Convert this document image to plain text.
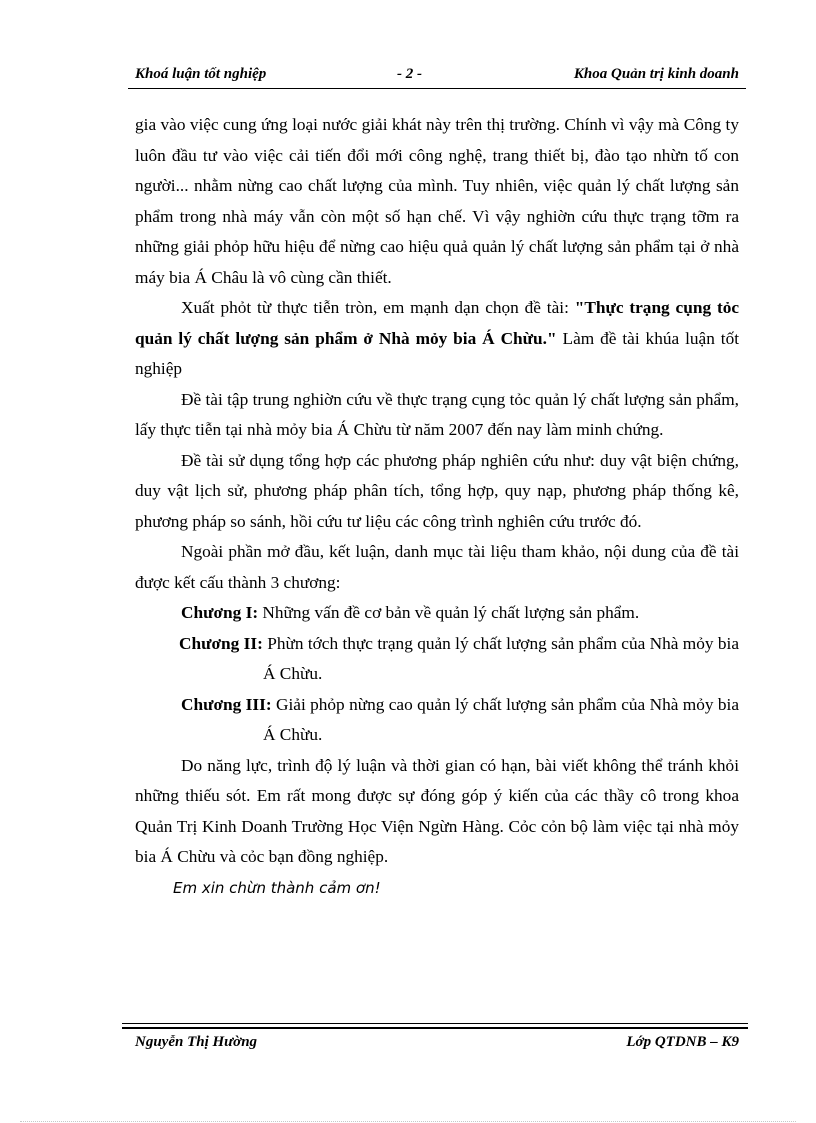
Khoá luận tốt nghiệp	- 2 -	Khoa Quản trị kinh doanh

gia vào việc cung ứng loại nước giải khát này trên thị trường. Chính vì vậy mà Công ty luôn đầu tư vào việc cải tiến đổi mới công nghệ, trang thiết bị, đào tạo nhừn tố con người... nhằm nừng cao chất lượng của mình. Tuy nhiên, việc quản lý chất lượng sản phẩm trong nhà máy vẫn còn một số hạn chế. Vì vậy nghiờn cứu thực trạng tỡm ra những giải phỏp hữu hiệu để nừng cao hiệu quả quản lý chất lượng sản phẩm tại ở nhà máy bia Á Châu là vô cùng cần thiết.

Xuất phỏt từ thực tiễn tròn, em mạnh dạn chọn đề tài: "Thực trạng cụng tỏc quản lý chất lượng sản phẩm ở Nhà mỏy bia Á Chừu." Làm đề tài khúa luận tốt nghiệp

Đề tài tập trung nghiờn cứu về thực trạng cụng tỏc quản lý chất lượng sản phẩm, lấy thực tiễn tại nhà mỏy bia Á Chừu từ năm 2007 đến nay làm minh chứng.

Đề tài sử dụng tổng hợp các phương pháp nghiên cứu như: duy vật biện chứng, duy vật lịch sử, phương pháp phân tích, tổng hợp, quy nạp, phương pháp thống kê, phương pháp so sánh, hồi cứu tư liệu các công trình nghiên cứu trước đó.

Ngoài phần mở đầu, kết luận, danh mục tài liệu tham khảo, nội dung của đề tài được kết cấu thành 3 chương:

Chương I: Những vấn đề cơ bản về quản lý chất lượng sản phẩm.

Chương II: Phừn tớch thực trạng quản lý chất lượng sản phẩm của Nhà mỏy bia Á Chừu.

Chương III: Giải phỏp nừng cao quản lý chất lượng sản phẩm của Nhà mỏy bia Á Chừu.

Do năng lực, trình độ lý luận và thời gian có hạn, bài viết không thể tránh khỏi những thiếu sót. Em rất mong được sự đóng góp ý kiến của các thầy cô trong khoa Quản Trị Kinh Doanh Trường Học Viện Ngừn Hàng. Cỏc cỏn bộ làm việc tại nhà mỏy bia Á Chừu và cỏc bạn đồng nghiệp.

Em xin chừn thành cảm ơn!

Nguyễn Thị Hường	Lớp QTDNB – K9
